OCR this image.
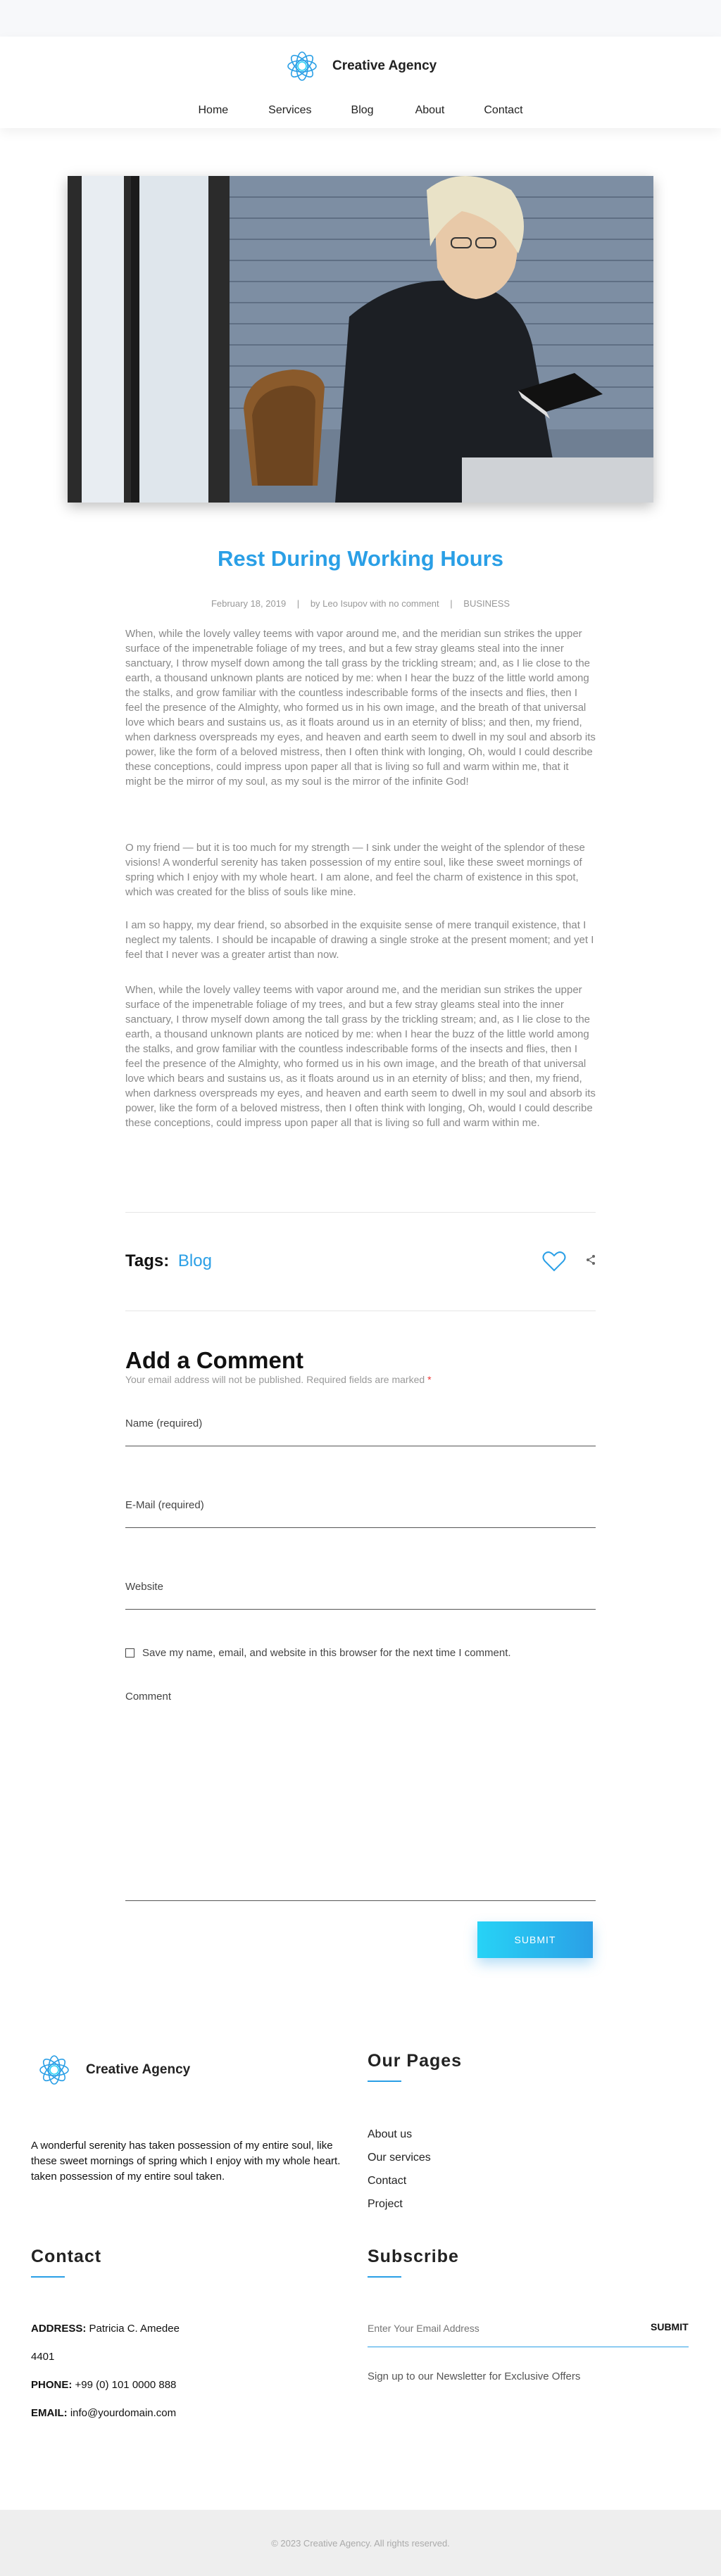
Creative Agency
Home	Services	Blog	About	Contact
Rest During Working Hours
February 18, 2019 | by Leo Isupov with no comment | BUSINESS

When, while the lovely valley teems with vapor around me, and the meridian sun strikes the upper surface of the impenetrable foliage of my trees, and but a few stray gleams steal into the inner sanctuary, I throw myself down among the tall grass by the trickling stream; and, as I lie close to the earth, a thousand unknown plants are noticed by me: when I hear the buzz of the little world among the stalks, and grow familiar with the countless indescribable forms of the insects and flies, then I feel the presence of the Almighty, who formed us in his own image, and the breath of that universal love which bears and sustains us, as it floats around us in an eternity of bliss; and then, my friend, when darkness overspreads my eyes, and heaven and earth seem to dwell in my soul and absorb its power, like the form of a beloved mistress, then I often think with longing, Oh, would I could describe these conceptions, could impress upon paper all that is living so full and warm within me, that it might be the mirror of my soul, as my soul is the mirror of the infinite God!

O my friend — but it is too much for my strength — I sink under the weight of the splendor of these visions! A wonderful serenity has taken possession of my entire soul, like these sweet mornings of spring which I enjoy with my whole heart. I am alone, and feel the charm of existence in this spot, which was created for the bliss of souls like mine.

I am so happy, my dear friend, so absorbed in the exquisite sense of mere tranquil existence, that I neglect my talents. I should be incapable of drawing a single stroke at the present moment; and yet I feel that I never was a greater artist than now.

When, while the lovely valley teems with vapor around me, and the meridian sun strikes the upper surface of the impenetrable foliage of my trees, and but a few stray gleams steal into the inner sanctuary, I throw myself down among the tall grass by the trickling stream; and, as I lie close to the earth, a thousand unknown plants are noticed by me: when I hear the buzz of the little world among the stalks, and grow familiar with the countless indescribable forms of the insects and flies, then I feel the presence of the Almighty, who formed us in his own image, and the breath of that universal love which bears and sustains us, as it floats around us in an eternity of bliss; and then, my friend, when darkness overspreads my eyes, and heaven and earth seem to dwell in my soul and absorb its power, like the form of a beloved mistress, then I often think with longing, Oh, would I could describe these conceptions, could impress upon paper all that is living so full and warm within me.

Tags: Blog
Add a Comment

Your email address will not be published. Required fields are marked *

Name (required)
E-Mail (required)
Website
Save my name, email, and website in this browser for the next time I comment.
Comment
SUBMIT
Creative Agency

A wonderful serenity has taken possession of my entire soul, like these sweet mornings of spring which I enjoy with my whole heart. taken possession of my entire soul taken.

Our Pages
About us
Our services
Contact
Project
Contact

ADDRESS: Patricia C. Amedee

4401

PHONE: +99 (0) 101 0000 888

EMAIL: info@yourdomain.com

Subscribe
Enter Your Email Address
SUBMIT

Sign up to our Newsletter for Exclusive Offers

© 2023 Creative Agency. All rights reserved.
